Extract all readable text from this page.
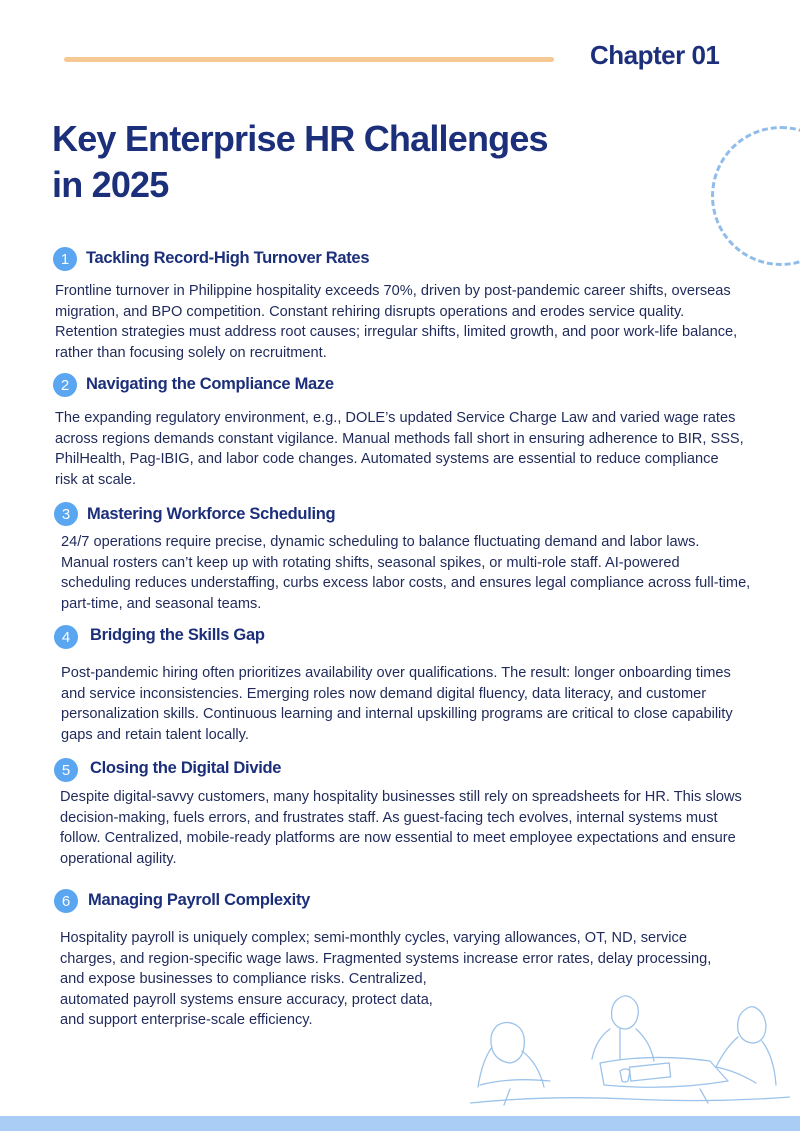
Chapter 01
Key Enterprise HR Challenges
in 2025
1	Tackling Record-High Turnover Rates

Frontline turnover in Philippine hospitality exceeds 70%, driven by post-pandemic career shifts, overseas migration, and BPO competition. Constant rehiring disrupts operations and erodes service quality. Retention strategies must address root causes; irregular shifts, limited growth, and poor work-life balance, rather than focusing solely on recruitment.

2	Navigating the Compliance Maze

The expanding regulatory environment, e.g., DOLE’s updated Service Charge Law and varied wage rates across regions demands constant vigilance. Manual methods fall short in ensuring adherence to BIR, SSS, PhilHealth, Pag-IBIG, and labor code changes. Automated systems are essential to reduce compliance risk at scale.

3	Mastering Workforce Scheduling

24/7 operations require precise, dynamic scheduling to balance fluctuating demand and labor laws. Manual rosters can’t keep up with rotating shifts, seasonal spikes, or multi-role staff. AI-powered scheduling reduces understaffing, curbs excess labor costs, and ensures legal compliance across full-time, part-time, and seasonal teams.

4	Bridging the Skills Gap

Post-pandemic hiring often prioritizes availability over qualifications. The result: longer onboarding times and service inconsistencies. Emerging roles now demand digital fluency, data literacy, and customer personalization skills. Continuous learning and internal upskilling programs are critical to close capability gaps and retain talent locally.

5	Closing the Digital Divide

Despite digital-savvy customers, many hospitality businesses still rely on spreadsheets for HR. This slows decision-making, fuels errors, and frustrates staff. As guest-facing tech evolves, internal systems must follow. Centralized, mobile-ready platforms are now essential to meet employee expectations and ensure operational agility.

6	Managing Payroll Complexity

Hospitality payroll is uniquely complex; semi-monthly cycles, varying allowances, OT, ND, service
charges, and region-specific wage laws. Fragmented systems increase error rates, delay processing,
and expose businesses to compliance risks. Centralized,
automated payroll systems ensure accuracy, protect data,
and support enterprise-scale efficiency.
